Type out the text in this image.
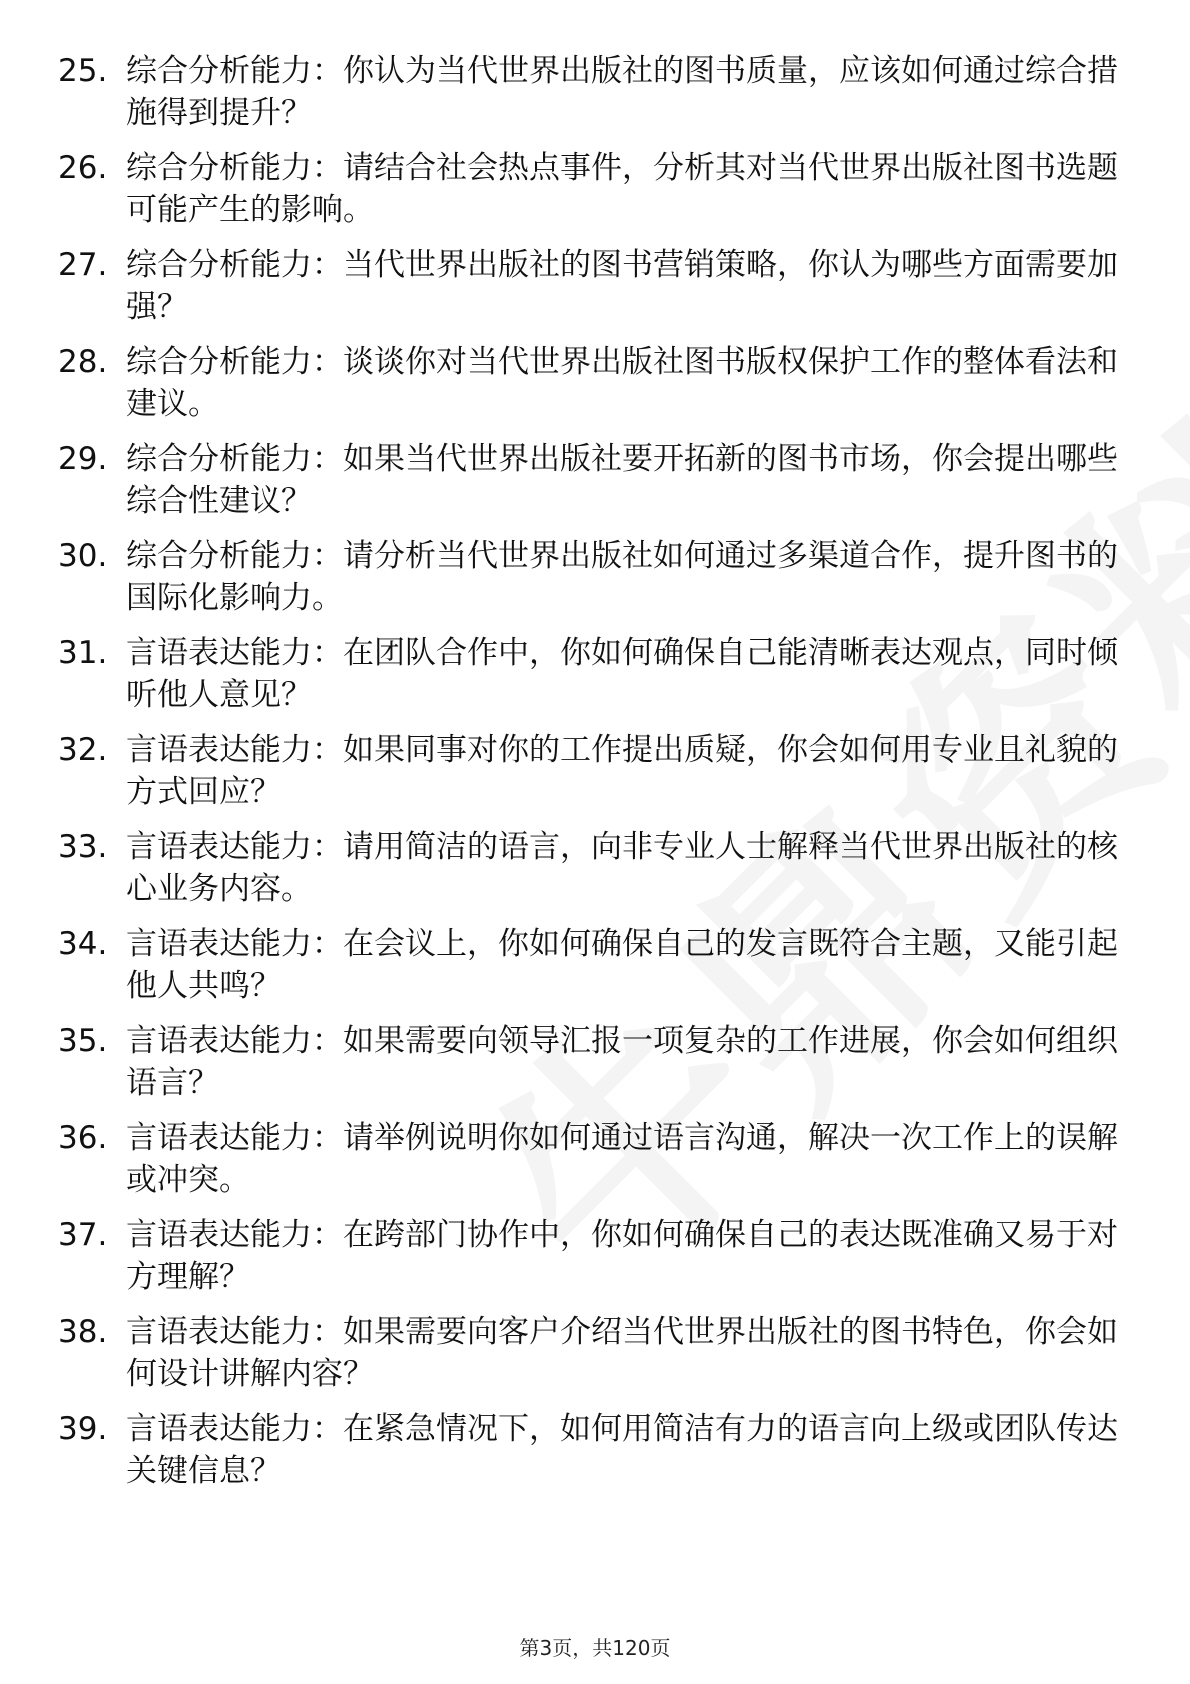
25. 综合分析能力：你认为当代世界出版社的图书质量，应该如何通过综合措施得到提升？
26. 综合分析能力：请结合社会热点事件，分析其对当代世界出版社图书选题可能产生的影响。
27. 综合分析能力：当代世界出版社的图书营销策略，你认为哪些方面需要加强？
28. 综合分析能力：谈谈你对当代世界出版社图书版权保护工作的整体看法和建议。
29. 综合分析能力：如果当代世界出版社要开拓新的图书市场，你会提出哪些综合性建议？
30. 综合分析能力：请分析当代世界出版社如何通过多渠道合作，提升图书的国际化影响力。
31. 言语表达能力：在团队合作中，你如何确保自己能清晰表达观点，同时倾听他人意见？
32. 言语表达能力：如果同事对你的工作提出质疑，你会如何用专业且礼貌的方式回应？
33. 言语表达能力：请用简洁的语言，向非专业人士解释当代世界出版社的核心业务内容。
34. 言语表达能力：在会议上，你如何确保自己的发言既符合主题，又能引起他人共鸣？
35. 言语表达能力：如果需要向领导汇报一项复杂的工作进展，你会如何组织语言？
36. 言语表达能力：请举例说明你如何通过语言沟通，解决一次工作上的误解或冲突。
37. 言语表达能力：在跨部门协作中，你如何确保自己的表达既准确又易于对方理解？
38. 言语表达能力：如果需要向客户介绍当代世界出版社的图书特色，你会如何设计讲解内容？
39. 言语表达能力：在紧急情况下，如何用简洁有力的语言向上级或团队传达关键信息？
第3页，共120页
